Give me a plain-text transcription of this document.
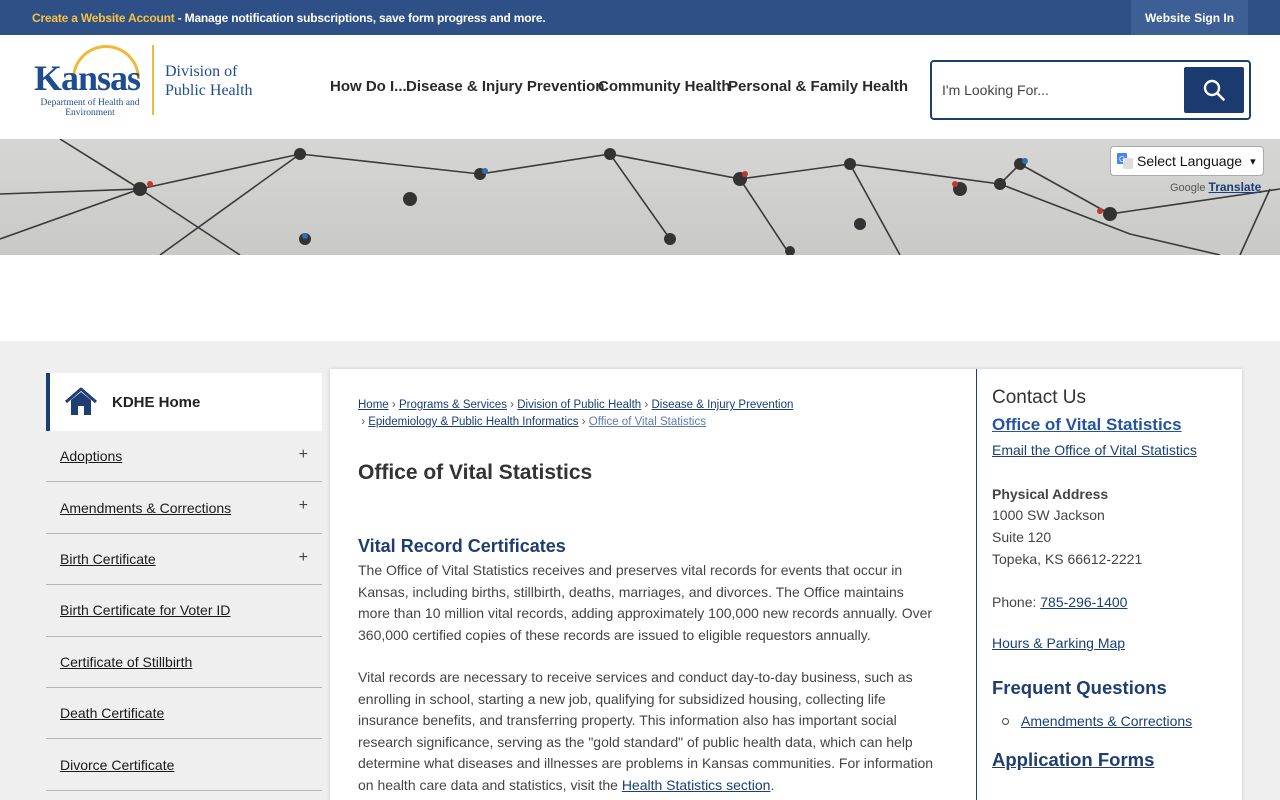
Create a Website Account - Manage notification subscriptions, save form progress and more.	Website Sign In
Kansas
Department of Health and Environment
Division of
Public Health	How Do I... Disease & Injury Prevention
Community Health
Personal & Family Health
I'm Looking For...
G Select Language ▾
Google Translate
KDHE Home
Adoptions	+
Amendments & Corrections	+
Birth Certificate	+
Birth Certificate for Voter ID
Certificate of Stillbirth
Death Certificate
Divorce Certificate
Home › Programs & Services › Division of Public Health › Disease & Injury Prevention
› Epidemiology & Public Health Informatics › Office of Vital Statistics
Office of Vital Statistics
Vital Record Certificates
The Office of Vital Statistics receives and preserves vital records for events that occur in Kansas, including births, stillbirth, deaths, marriages, and divorces. The Office maintains more than 10 million vital records, adding approximately 100,000 new records annually. Over 360,000 certified copies of these records are issued to eligible requestors annually.
Vital records are necessary to receive services and conduct day-to-day business, such as enrolling in school, starting a new job, qualifying for subsidized housing, collecting life insurance benefits, and transferring property. This information also has important social research significance, serving as the "gold standard" of public health data, which can help determine what diseases and illnesses are problems in Kansas communities. For information on health care data and statistics, visit the Health Statistics section.
Contact Us
Office of Vital Statistics
Email the Office of Vital Statistics
Physical Address
1000 SW Jackson
Suite 120
Topeka, KS 66612-2221
Phone: 785-296-1400
Hours & Parking Map
Frequent Questions
Amendments & Corrections
Application Forms
